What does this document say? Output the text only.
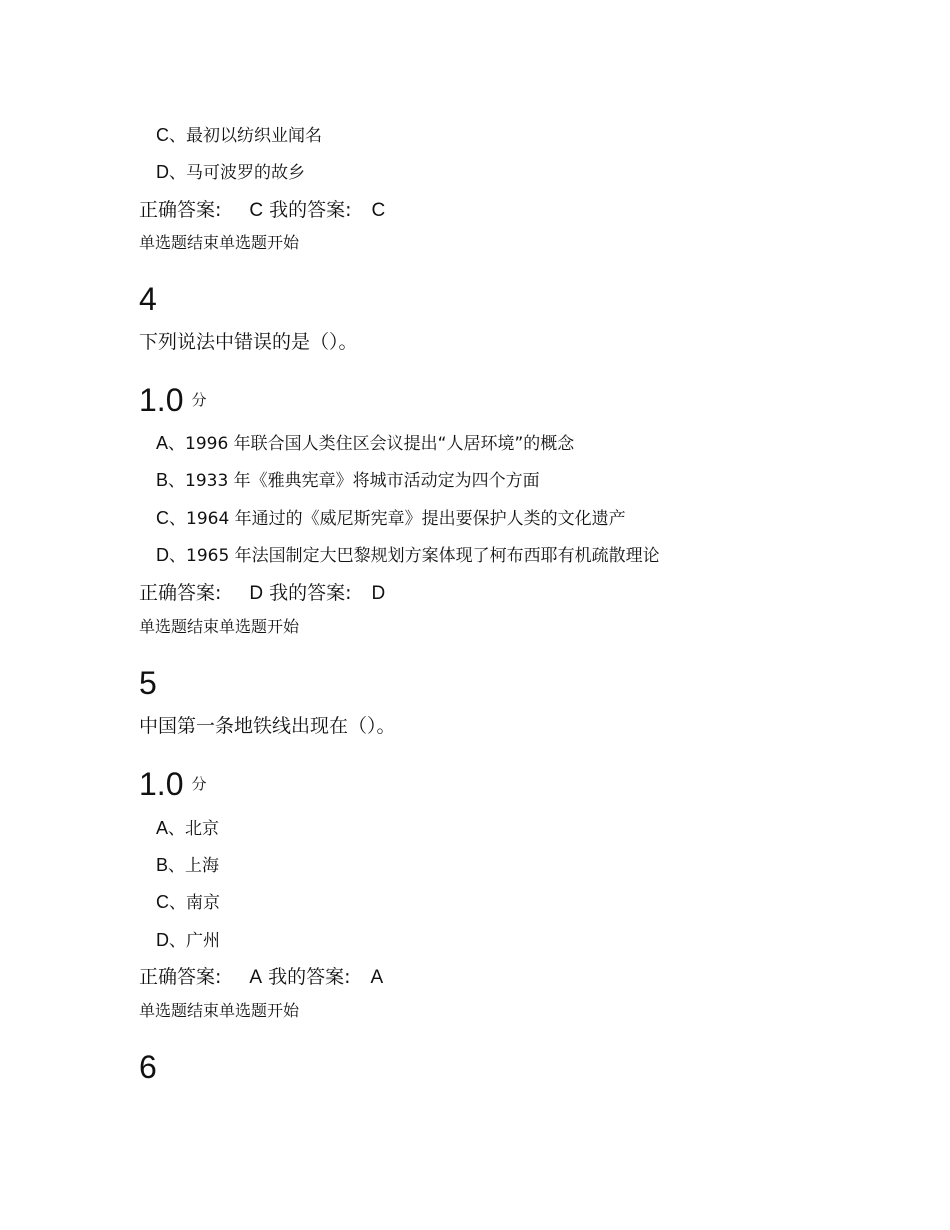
C、最初以纺织业闻名
D、马可波罗的故乡
正确答案: C 我的答案: C
单选题结束单选题开始
4
下列说法中错误的是（）。
1.0 分
A、1996 年联合国人类住区会议提出“人居环境”的概念
B、1933 年《雅典宪章》将城市活动定为四个方面
C、1964 年通过的《威尼斯宪章》提出要保护人类的文化遗产
D、1965 年法国制定大巴黎规划方案体现了柯布西耶有机疏散理论
正确答案: D 我的答案: D
单选题结束单选题开始
5
中国第一条地铁线出现在（）。
1.0 分
A、北京
B、上海
C、南京
D、广州
正确答案: A 我的答案: A
单选题结束单选题开始
6
